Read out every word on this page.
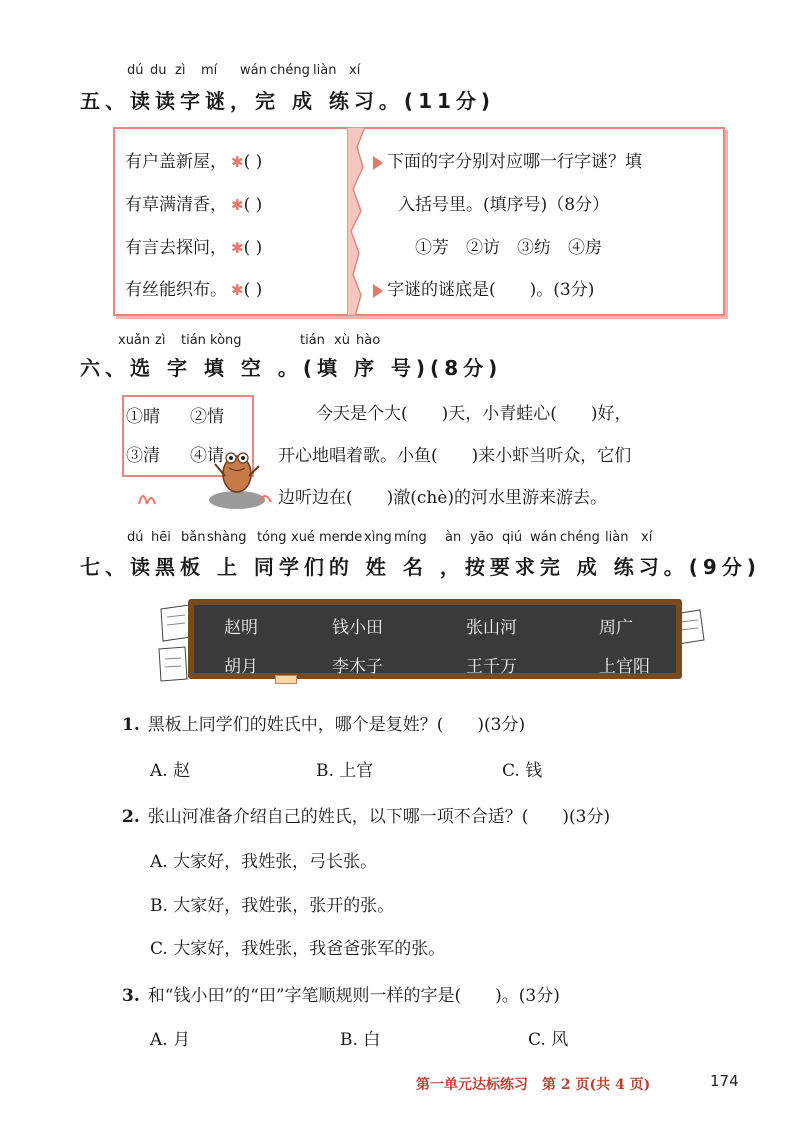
dú du zì mí wán chéng liàn xí
五、读读字谜，完 成 练习。(11分)
有户盖新屋， ✱( )
有草满清香， ✱( )
有言去探问， ✱( )
有丝能织布。 ✱( )
下面的字分别对应哪一行字谜？填
入括号里。(填序号)（8分）
①芳　②访　③纺　④房
字谜的谜底是(　　)。(3分)
xuǎn zì tián kòng	tián xù hào
六、选 字 填 空 。(填 序 号)(8分)
①晴 ②情
③清 ④请
今天是个大(　　)天，小青蛙心(　　)好，
开心地唱着歌。小鱼(　　)来小虾当听众，它们
边听边在(　　)澈(chè)的河水里游来游去。
dú hēi bǎn shàng tóng xué men
de xìng míng àn yāo qiú wán chéng liàn xí
七、读黑板 上 同学们的 姓 名 ，按要求完 成 练习。(9分)
赵明	钱小田	张山河	周广
胡月	李木子	王千万	上官阳
1. 黑板上同学们的姓氏中，哪个是复姓？(　　)(3分)
A. 赵	B. 上官	C. 钱
2. 张山河准备介绍自己的姓氏，以下哪一项不合适？(　　)(3分)
A. 大家好，我姓张，弓长张。
B. 大家好，我姓张，张开的张。
C. 大家好，我姓张，我爸爸张军的张。
3. 和“钱小田”的“田”字笔顺规则一样的字是(　　)。(3分)
A. 月	B. 白	C. 风
第一单元达标练习　第 2 页(共 4 页)	174
